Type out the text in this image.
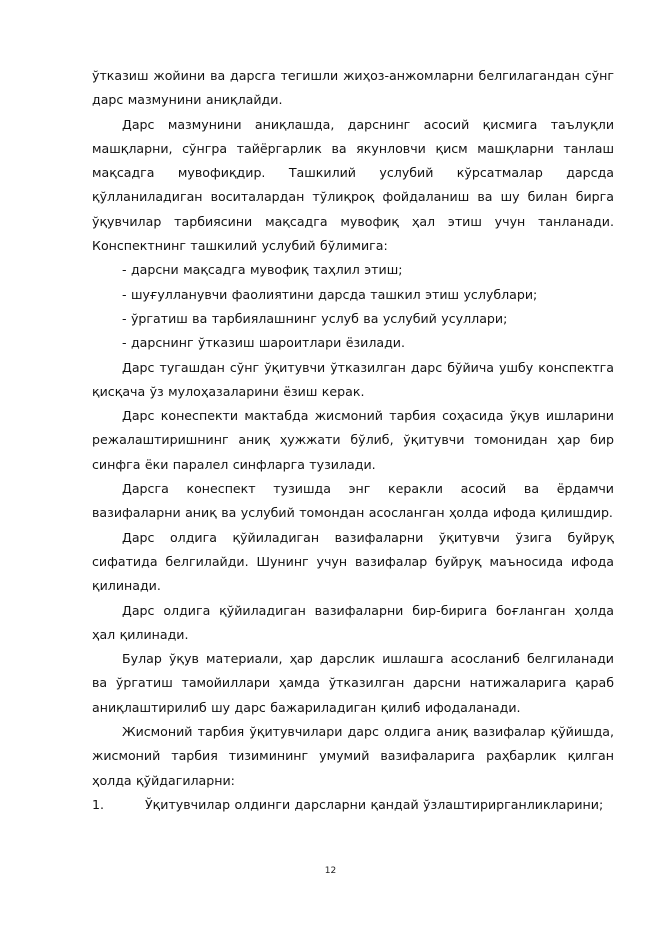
ўтказиш жойини ва дарсга тегишли жиҳоз-анжомларни белгилагандан сўнг дарс мазмунини аниқлайди.

Дарс мазмунини аниқлашда, дарснинг асосий қисмига таълуқли машқларни, сўнгра тайёргарлик ва якунловчи қисм машқларни танлаш мақсадга мувофиқдир. Ташкилий услубий кўрсатмалар дарсда қўлланиладиган воситалардан тўлиқроқ фойдаланиш ва шу билан бирга ўқувчилар тарбиясини мақсадга мувофиқ ҳал этиш учун танланади. Конспектнинг ташкилий услубий бўлимига:

- дарсни мақсадга мувофиқ таҳлил этиш;

- шуғулланувчи фаолиятини дарсда ташкил этиш услублари;

- ўргатиш ва тарбиялашнинг услуб ва услубий усуллари;

- дарснинг ўтказиш шароитлари ёзилади.

Дарс тугашдан сўнг ўқитувчи ўтказилган дарс бўйича ушбу конспектга қисқача ўз мулоҳазаларини ёзиш керак.

Дарс конеспекти мактабда жисмоний тарбия соҳасида ўқув ишларини режалаштиришнинг аниқ ҳужжати бўлиб, ўқитувчи томонидан ҳар бир синфга ёки паралел синфларга тузилади.

Дарсга конеспект тузишда энг керакли асосий ва ёрдамчи вазифаларни аниқ ва услубий томондан асосланган ҳолда ифода қилишдир.

Дарс олдига қўйиладиган вазифаларни ўқитувчи ўзига буйруқ сифатида белгилайди. Шунинг учун вазифалар буйруқ маъносида ифода қилинади.

Дарс олдига қўйиладиган вазифаларни бир-бирига боғланган ҳолда ҳал қилинади.

Булар ўқув материали, ҳар дарслик ишлашга асосланиб белгиланади ва ўргатиш тамойиллари ҳамда ўтказилган дарсни натижаларига қараб аниқлаштирилиб шу дарс бажариладиган қилиб ифодаланади.

Жисмоний тарбия ўқитувчилари дарс олдига аниқ вазифалар қўйишда, жисмоний тарбия тизимининг умумий вазифаларига раҳбарлик қилган ҳолда қўйдагиларни:

1.	Ўқитувчилар олдинги дарсларни қандай ўзлаштирирганликларини;
12
